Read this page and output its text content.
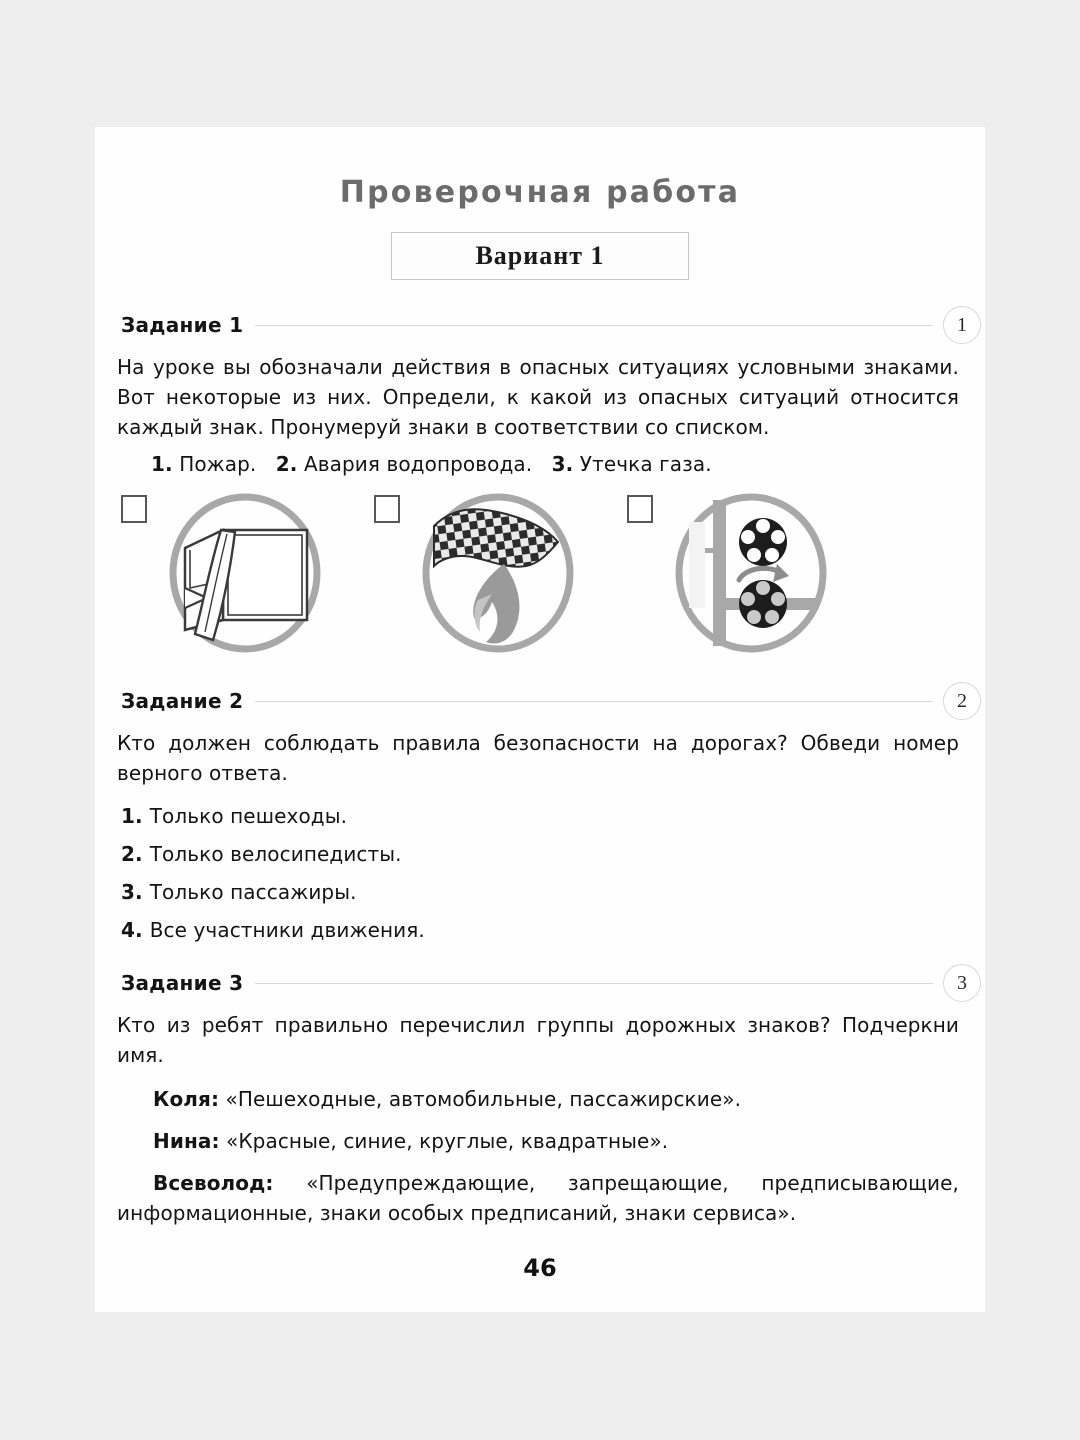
Проверочная работа
Вариант 1
Задание 1	1
На уроке вы обозначали действия в опасных ситуациях условными знаками. Вот некоторые из них. Определи, к какой из опасных ситуаций относится каждый знак. Пронумеруй знаки в соответствии со списком.
1. Пожар. 2. Авария водопровода. 3. Утечка газа.
Задание 2	2
Кто должен соблюдать правила безопасности на дорогах? Обведи номер верного ответа.
1. Только пешеходы.
2. Только велосипедисты.
3. Только пассажиры.
4. Все участники движения.
Задание 3	3
Кто из ребят правильно перечислил группы дорожных знаков? Подчеркни имя.
Коля: «Пешеходные, автомобильные, пассажирские».
Нина: «Красные, синие, круглые, квадратные».
Всеволод: «Предупреждающие, запрещающие, предписывающие, информационные, знаки особых предписаний, знаки сервиса».
46
